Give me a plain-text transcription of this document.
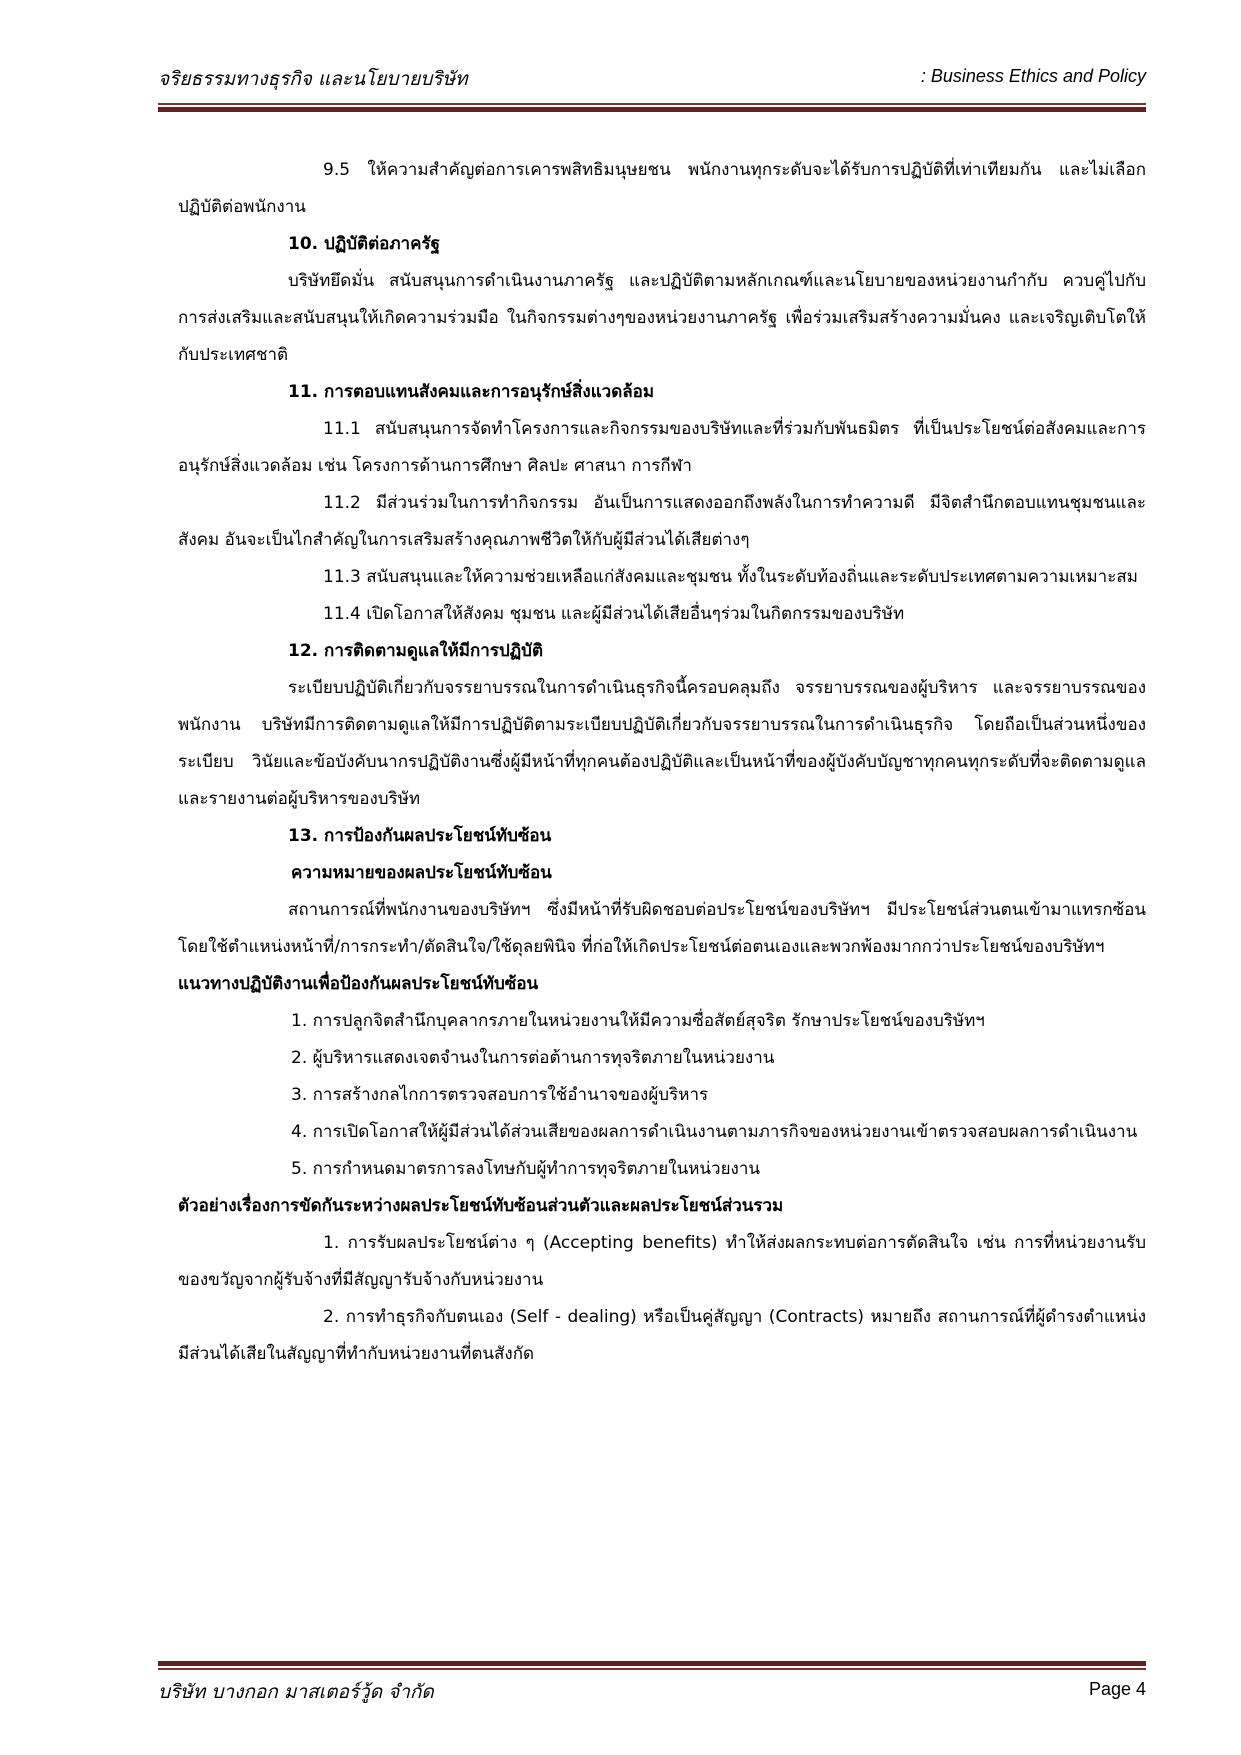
จริยธรรมทางธุรกิจ และนโยบายบริษัท	: Business Ethics and Policy

9.5 ให้ความสำคัญต่อการเคารพสิทธิมนุษยชน พนักงานทุกระดับจะได้รับการปฏิบัติที่เท่าเทียมกัน และไม่เลือกปฏิบัติต่อพนักงาน

10. ปฏิบัติต่อภาครัฐ

บริษัทยึดมั่น สนับสนุนการดำเนินงานภาครัฐ และปฏิบัติตามหลักเกณฑ์และนโยบายของหน่วยงานกำกับ ควบคู่ไปกับการส่งเสริมและสนับสนุนให้เกิดความร่วมมือ ในกิจกรรมต่างๆของหน่วยงานภาครัฐ เพื่อร่วมเสริมสร้างความมั่นคง และเจริญเติบโตให้กับประเทศชาติ

11. การตอบแทนสังคมและการอนุรักษ์สิ่งแวดล้อม

11.1 สนับสนุนการจัดทำโครงการและกิจกรรมของบริษัทและที่ร่วมกับพันธมิตร ที่เป็นประโยชน์ต่อสังคมและการอนุรักษ์สิ่งแวดล้อม เช่น โครงการด้านการศึกษา ศิลปะ ศาสนา การกีฬา

11.2 มีส่วนร่วมในการทำกิจกรรม อันเป็นการแสดงออกถึงพลังในการทำความดี มีจิตสำนึกตอบแทนชุมชนและสังคม อันจะเป็นไกสำคัญในการเสริมสร้างคุณภาพชีวิตให้กับผู้มีส่วนได้เสียต่างๆ

11.3 สนับสนุนและให้ความช่วยเหลือแก่สังคมและชุมชน ทั้งในระดับท้องถิ่นและระดับประเทศตามความเหมาะสม

11.4 เปิดโอกาสให้สังคม ชุมชน และผู้มีส่วนได้เสียอื่นๆร่วมในกิตกรรมของบริษัท

12. การติดตามดูแลให้มีการปฏิบัติ

ระเบียบปฏิบัติเกี่ยวกับจรรยาบรรณในการดำเนินธุรกิจนี้ครอบคลุมถึง จรรยาบรรณของผู้บริหาร และจรรยาบรรณของพนักงาน บริษัทมีการติดตามดูแลให้มีการปฏิบัติตามระเบียบปฏิบัติเกี่ยวกับจรรยาบรรณในการดำเนินธุรกิจ โดยถือเป็นส่วนหนึ่งของระเบียบ วินัยและข้อบังคับนากรปฏิบัติงานซึ่งผู้มีหน้าที่ทุกคนต้องปฏิบัติและเป็นหน้าที่ของผู้บังคับบัญชาทุกคนทุกระดับที่จะติดตามดูแลและรายงานต่อผู้บริหารของบริษัท

13. การป้องกันผลประโยชน์ทับซ้อน

ความหมายของผลประโยชน์ทับซ้อน

สถานการณ์ที่พนักงานของบริษัทฯ ซึ่งมีหน้าที่รับผิดชอบต่อประโยชน์ของบริษัทฯ มีประโยชน์ส่วนตนเข้ามาแทรกซ้อน โดยใช้ตำแหน่งหน้าที่/การกระทำ/ตัดสินใจ/ใช้ดุลยพินิจ ที่ก่อให้เกิดประโยชน์ต่อตนเองและพวกพ้องมากกว่าประโยชน์ของบริษัทฯ

แนวทางปฏิบัติงานเพื่อป้องกันผลประโยชน์ทับซ้อน

1. การปลูกจิตสำนึกบุคลากรภายในหน่วยงานให้มีความซื่อสัตย์สุจริต รักษาประโยชน์ของบริษัทฯ

2. ผู้บริหารแสดงเจตจำนงในการต่อต้านการทุจริตภายในหน่วยงาน

3. การสร้างกลไกการตรวจสอบการใช้อำนาจของผู้บริหาร

4. การเปิดโอกาสให้ผู้มีส่วนได้ส่วนเสียของผลการดำเนินงานตามภารกิจของหน่วยงานเข้าตรวจสอบผลการดำเนินงาน

5. การกำหนดมาตรการลงโทษกับผู้ทำการทุจริตภายในหน่วยงาน

ตัวอย่างเรื่องการขัดกันระหว่างผลประโยชน์ทับซ้อนส่วนตัวและผลประโยชน์ส่วนรวม

1. การรับผลประโยชน์ต่าง ๆ (Accepting benefits) ทำให้ส่งผลกระทบต่อการตัดสินใจ เช่น การที่หน่วยงานรับของขวัญจากผู้รับจ้างที่มีสัญญารับจ้างกับหน่วยงาน

2. การทำธุรกิจกับตนเอง (Self - dealing) หรือเป็นคู่สัญญา (Contracts) หมายถึง สถานการณ์ที่ผู้ดำรงตำแหน่งมีส่วนได้เสียในสัญญาที่ทำกับหน่วยงานที่ตนสังกัด

บริษัท บางกอก มาสเตอร์วู้ด จำกัด	Page 4
